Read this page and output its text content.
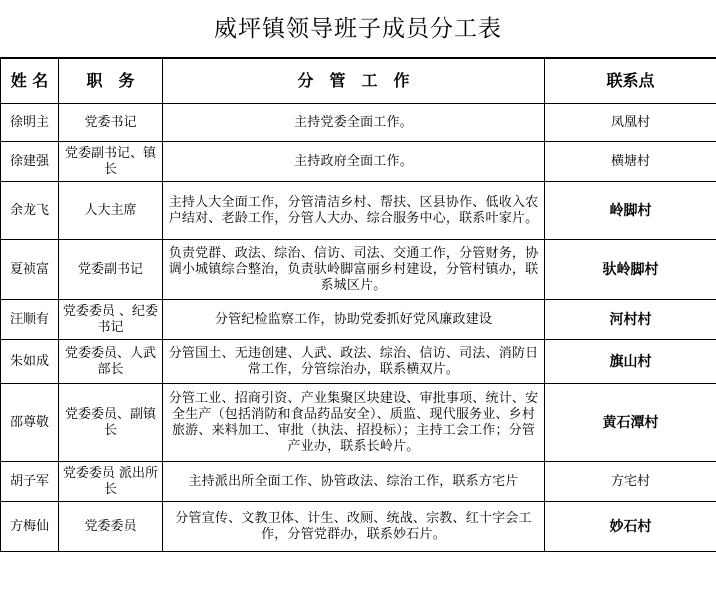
威坪镇领导班子成员分工表
姓 名	职　务	分　管　工　作	联系点
徐明主	党委书记	主持党委全面工作。	凤凰村
徐建强	党委副书记、镇长	主持政府全面工作。	横塘村
余龙飞	人大主席	主持人大全面工作，分管清洁乡村、帮扶、区县协作、低收入农户结对、老龄工作，分管人大办、综合服务中心，联系叶家片。	岭脚村
夏祯富	党委副书记	负责党群、政法、综治、信访、司法、交通工作，分管财务，协调小城镇综合整治，负责驮岭脚富丽乡村建设，分管村镇办，联系城区片。	驮岭脚村
汪顺有	党委委员 、纪委书记	分管纪检监察工作，协助党委抓好党风廉政建设	河村村
朱如成	党委委员、人武部长	分管国土、无违创建、人武、政法、综治、信访、司法、消防日常工作，分管综治办，联系横双片。	旗山村
邵尊敬	党委委员、副镇长	分管工业、招商引资、产业集聚区块建设、审批事项、统计、安全生产（包括消防和食品药品安全）、质监、现代服务业、乡村旅游、来料加工、审批（执法、招投标）；主持工会工作；分管产业办，联系长岭片。	黄石潭村
胡子军	党委委员 派出所长	主持派出所全面工作、协管政法、综治工作，联系方宅片	方宅村
方梅仙	党委委员	分管宣传、文教卫体、计生、改厕、统战、宗教、红十字会工作，分管党群办，联系妙石片。	妙石村
